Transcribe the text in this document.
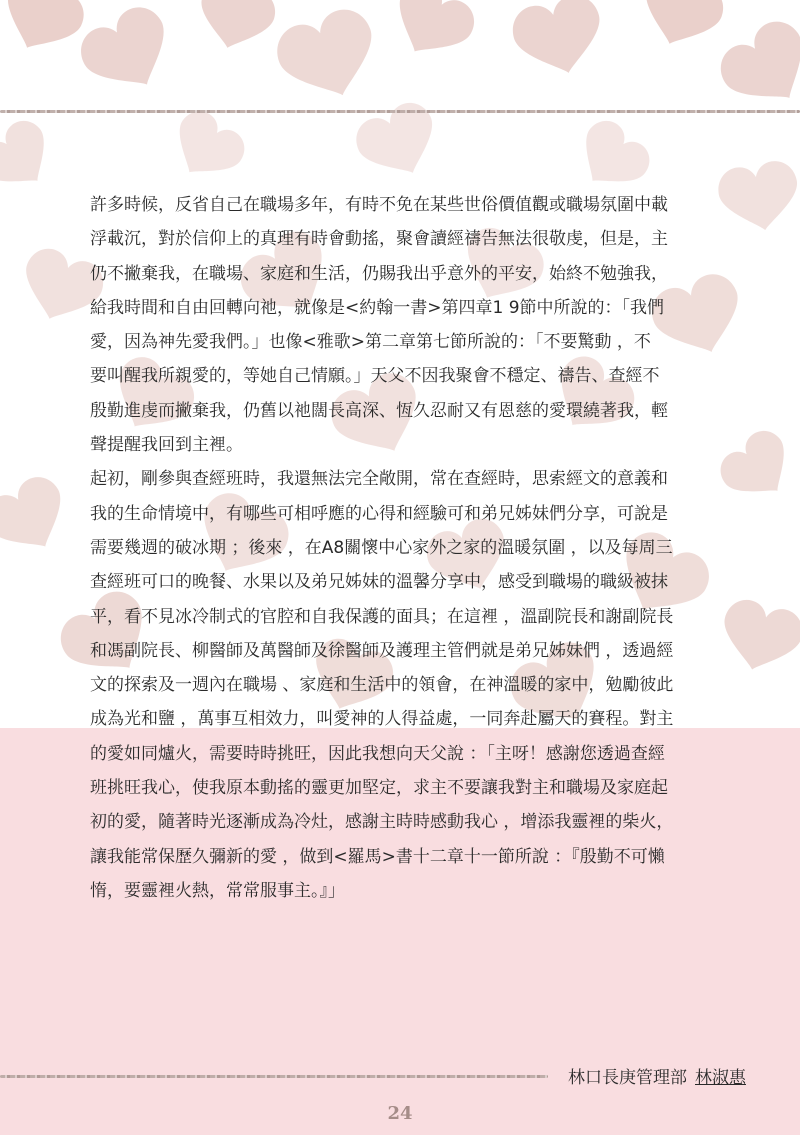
許多時候，反省自己在職場多年，有時不免在某些世俗價值觀或職場氛圍中載
浮載沉，對於信仰上的真理有時會動搖，聚會讀經禱告無法很敬虔，但是，主
仍不撇棄我，在職場、家庭和生活，仍賜我出乎意外的平安，始終不勉強我，
給我時間和自由回轉向祂，就像是<約翰一書>第四章1 9節中所說的：「我們
愛，因為神先愛我們。」也像<雅歌>第二章第七節所說的：「不要驚動 ，不
要叫醒我所親愛的，等她自己情願。」天父不因我聚會不穩定、禱告、查經不
殷勤進虔而撇棄我，仍舊以祂闊長高深、恆久忍耐又有恩慈的愛環繞著我，輕
聲提醒我回到主裡。

起初，剛參與查經班時，我還無法完全敞開，常在查經時，思索經文的意義和
我的生命情境中，有哪些可相呼應的心得和經驗可和弟兄姊妹們分享，可說是
需要幾週的破冰期 ；後來 ，在A8關懷中心家外之家的溫暖氛圍 ，以及每周三
查經班可口的晚餐、水果以及弟兄姊妹的溫馨分享中，感受到職場的職級被抹
平，看不見冰冷制式的官腔和自我保護的面具；在這裡 ，溫副院長和謝副院長
和馮副院長、柳醫師及萬醫師及徐醫師及護理主管們就是弟兄姊妹們 ，透過經
文的探索及一週內在職場 、家庭和生活中的領會，在神溫暖的家中，勉勵彼此
成為光和鹽 ，萬事互相效力，叫愛神的人得益處，一同奔赴屬天的賽程。對主
的愛如同爐火，需要時時挑旺，因此我想向天父說 ：「主呀！感謝您透過查經
班挑旺我心，使我原本動搖的靈更加堅定，求主不要讓我對主和職場及家庭起
初的愛，隨著時光逐漸成為冷灶，感謝主時時感動我心 ，增添我靈裡的柴火，
讓我能常保歷久彌新的愛 ，做到<羅馬>書十二章十一節所說 ：『殷勤不可懶
惰，要靈裡火熱，常常服事主。』」

林口長庚管理部 林淑惠
24
